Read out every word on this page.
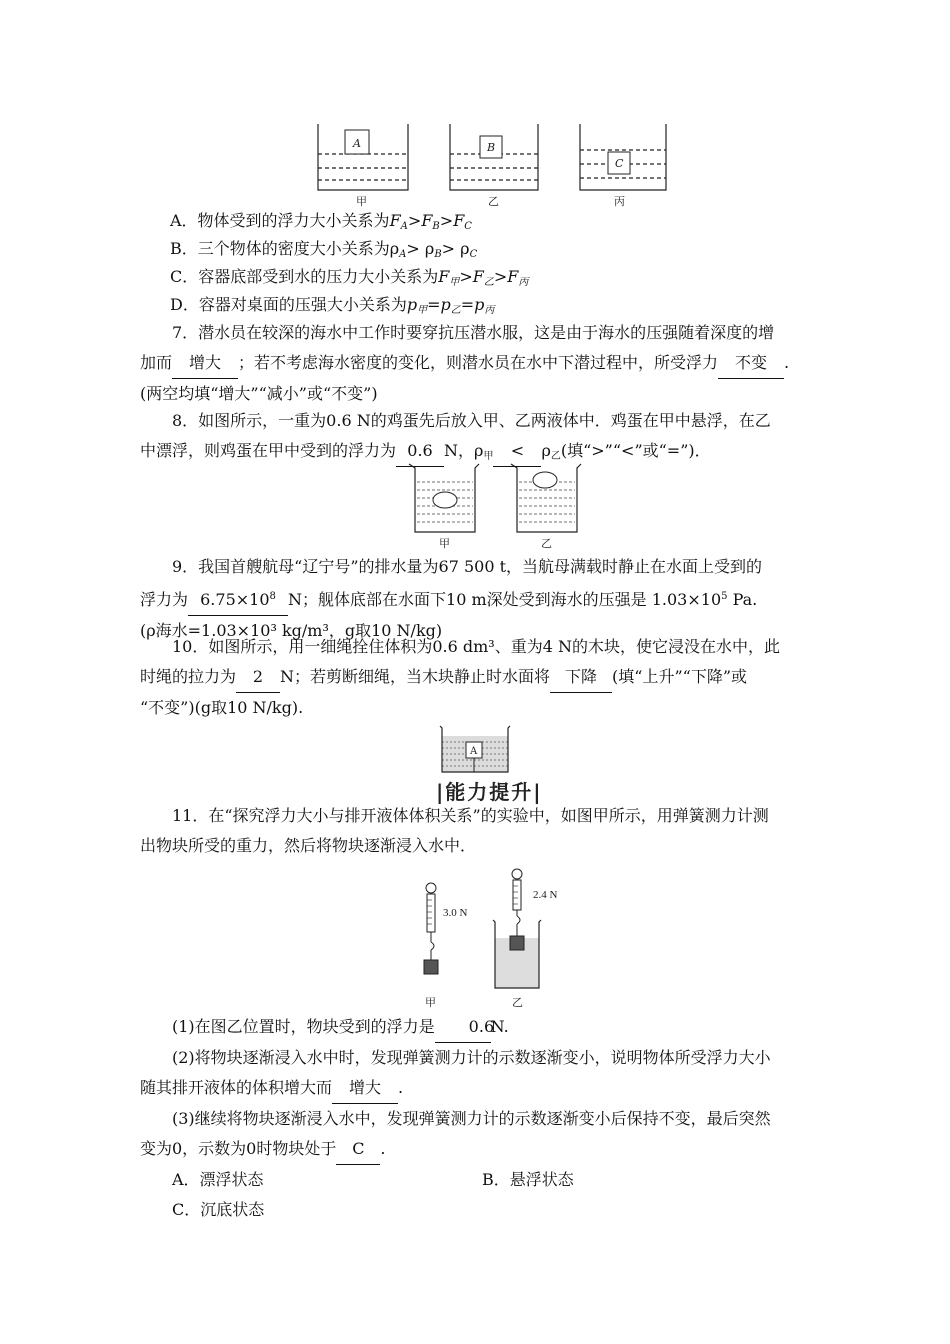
A
甲
B
乙
C
丙
A．物体受到的浮力大小关系为$F_A>F_B>F_C$
B．三个物体的密度大小关系为$\rho_A> \rho_B> \rho_C$
C．容器底部受到水的压力大小关系为$F_甲>F_乙>F_丙$
D．容器对桌面的压强大小关系为$p_甲=p_乙=p_丙$
7．潜水员在较深的海水中工作时要穿抗压潜水服，这是由于海水的压强随着深度的增
加而 增大 ；若不考虑海水密度的变化，则潜水员在水中下潜过程中，所受浮力 不变 .
(两空均填“增大”“减小”或“不变”)
8．如图所示，一重为0.6 N的鸡蛋先后放入甲、乙两液体中．鸡蛋在甲中悬浮，在乙
中漂浮，则鸡蛋在甲中受到的浮力为 0.6 N，$\rho_甲 < \rho_乙$(填“>”“<”或“=”)．
甲	乙
9．我国首艘航母“辽宁号”的排水量为67 500 t，当航母满载时静止在水面上受到的
浮力为 $6.75\times 10^8$ N；舰体底部在水面下10 m深处受到海水的压强是 $1.03\times 10^5$ Pa.
(ρ海水=1.03×10³ kg/m³，g取10 N/kg)
10．如图所示，用一细绳拴住体积为0.6 dm³、重为4 N的木块，使它浸没在水中，此
时绳的拉力为 2 N；若剪断细绳，当木块静止时水面将 下降 (填“上升”“下降”或
“不变”)(g取10 N/kg).
A
|能力提升|
11．在“探究浮力大小与排开液体体积关系”的实验中，如图甲所示，用弹簧测力计测
出物块所受的重力，然后将物块逐渐浸入水中．
3.0 N
甲
2.4 N
乙
(1)在图乙位置时，物块受到的浮力是 0.6N.
(2)将物块逐渐浸入水中时，发现弹簧测力计的示数逐渐变小，说明物体所受浮力大小
随其排开液体的体积增大而 增大 .
(3)继续将物块逐渐浸入水中，发现弹簧测力计的示数逐渐变小后保持不变，最后突然
变为0，示数为0时物块处于 C .
A．漂浮状态	B．悬浮状态
C．沉底状态
